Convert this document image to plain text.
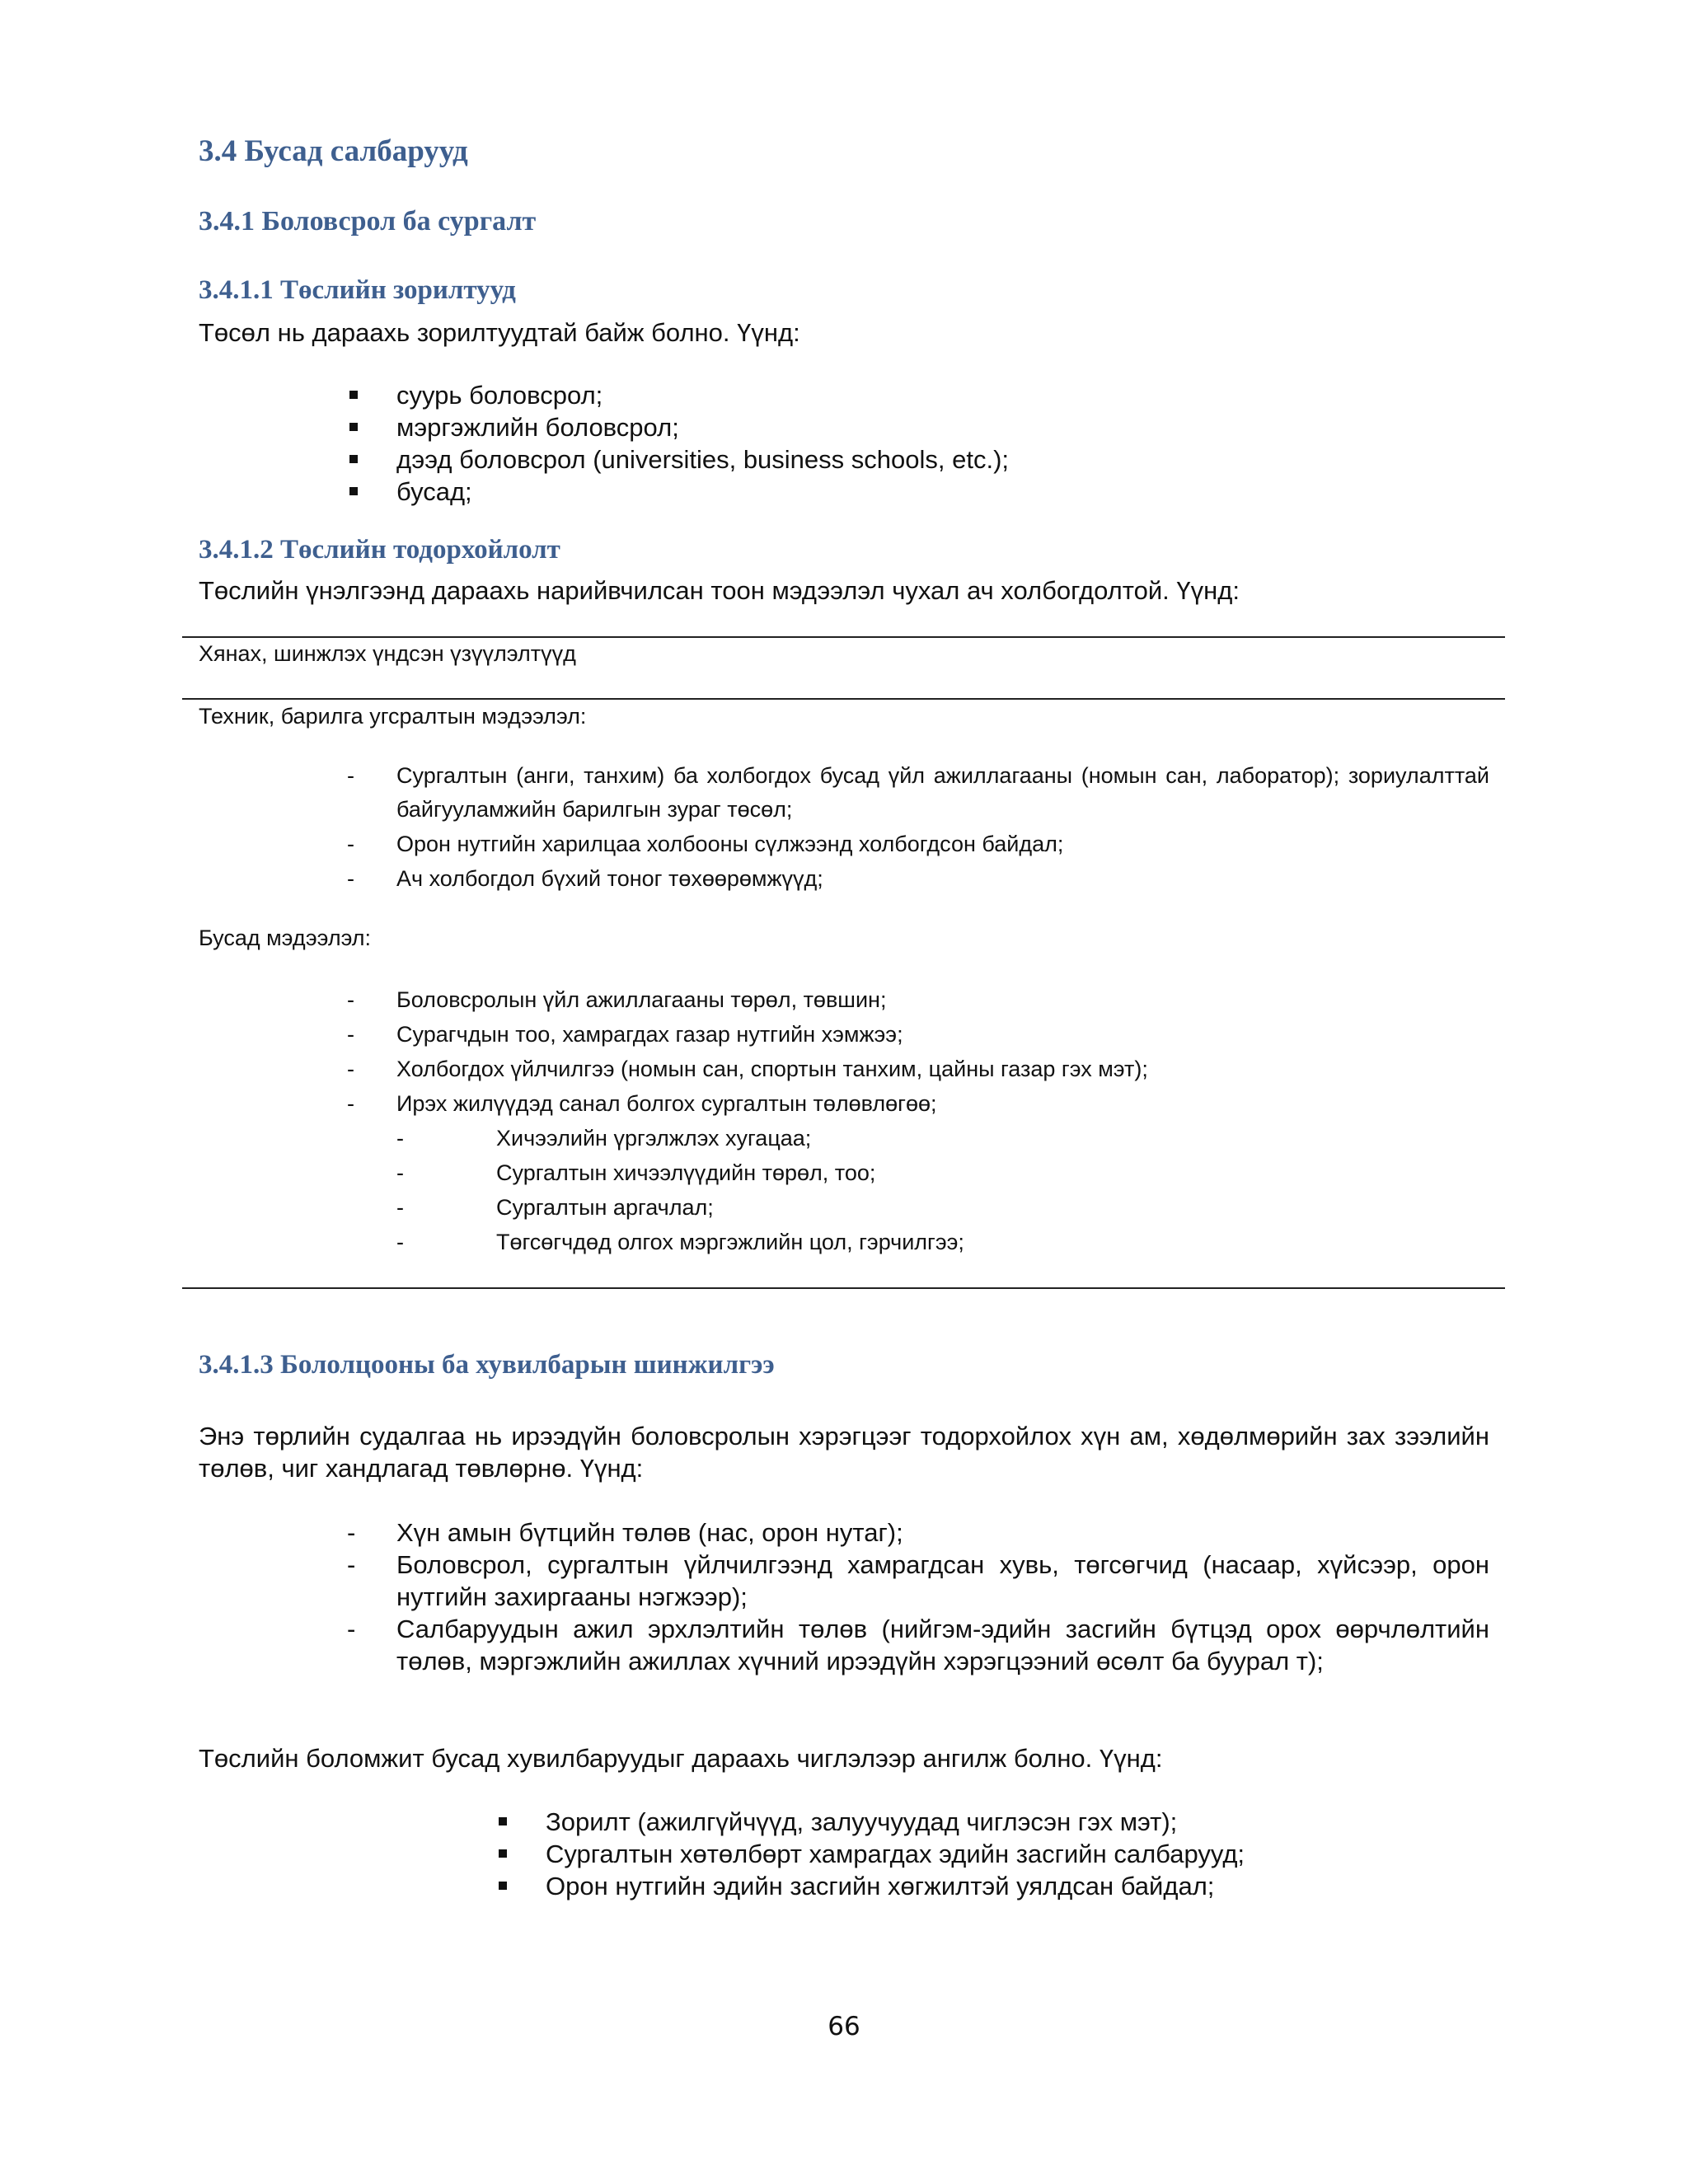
3.4 Бусад салбарууд
3.4.1 Боловсрол ба сургалт
3.4.1.1 Төслийн зорилтууд

Төсөл нь дараахь зорилтуудтай байж болно. Үүнд:

суурь боловсрол;
мэргэжлийн боловсрол;
дээд боловсрол (universities, business schools, etc.);
бусад;
3.4.1.2 Төслийн тодорхойлолт

Төслийн үнэлгээнд дараахь нарийвчилсан тоон мэдээлэл чухал ач холбогдолтой. Үүнд:

Хянах, шинжлэх үндсэн үзүүлэлтүүд

Техник, барилга угсралтын мэдээлэл:

- Сургалтын (анги, танхим) ба холбогдох бусад үйл ажиллагааны (номын сан, лаборатор); зориулалттай байгууламжийн барилгын зураг төсөл;
- Орон нутгийн харилцаа холбооны сүлжээнд холбогдсон байдал;
- Ач холбогдол бүхий тоног төхөөрөмжүүд;

Бусад мэдээлэл:

- Боловсролын үйл ажиллагааны төрөл, төвшин;
- Сурагчдын тоо, хамрагдах газар нутгийн хэмжээ;
- Холбогдох үйлчилгээ (номын сан, спортын танхим, цайны газар гэх мэт);
- Ирэх жилүүдэд санал болгох сургалтын төлөвлөгөө;
-	Хичээлийн үргэлжлэх хугацаа;
-	Сургалтын хичээлүүдийн төрөл, тоо;
-	Сургалтын аргачлал;
-	Төгсөгчдөд олгох мэргэжлийн цол, гэрчилгээ;
3.4.1.3 Бололцооны ба хувилбарын шинжилгээ

Энэ төрлийн судалгаа нь ирээдүйн боловсролын хэрэгцээг тодорхойлох хүн ам, хөдөлмөрийн зах зээлийн төлөв, чиг хандлагад төвлөрнө. Үүнд:

- Хүн амын бүтцийн төлөв (нас, орон нутаг);
- Боловсрол, сургалтын үйлчилгээнд хамрагдсан хувь, төгсөгчид (насаар, хүйсээр, орон нутгийн захиргааны нэгжээр);
- Салбаруудын ажил эрхлэлтийн төлөв (нийгэм-эдийн засгийн бүтцэд орох өөрчлөлтийн төлөв, мэргэжлийн ажиллах хүчний ирээдүйн хэрэгцээний өсөлт ба буурал т);

Төслийн боломжит бусад хувилбаруудыг дараахь чиглэлээр ангилж болно. Үүнд:

Зорилт (ажилгүйчүүд, залуучуудад чиглэсэн гэх мэт);
Сургалтын хөтөлбөрт хамрагдах эдийн засгийн салбарууд;
Орон нутгийн эдийн засгийн хөгжилтэй уялдсан байдал;
66
